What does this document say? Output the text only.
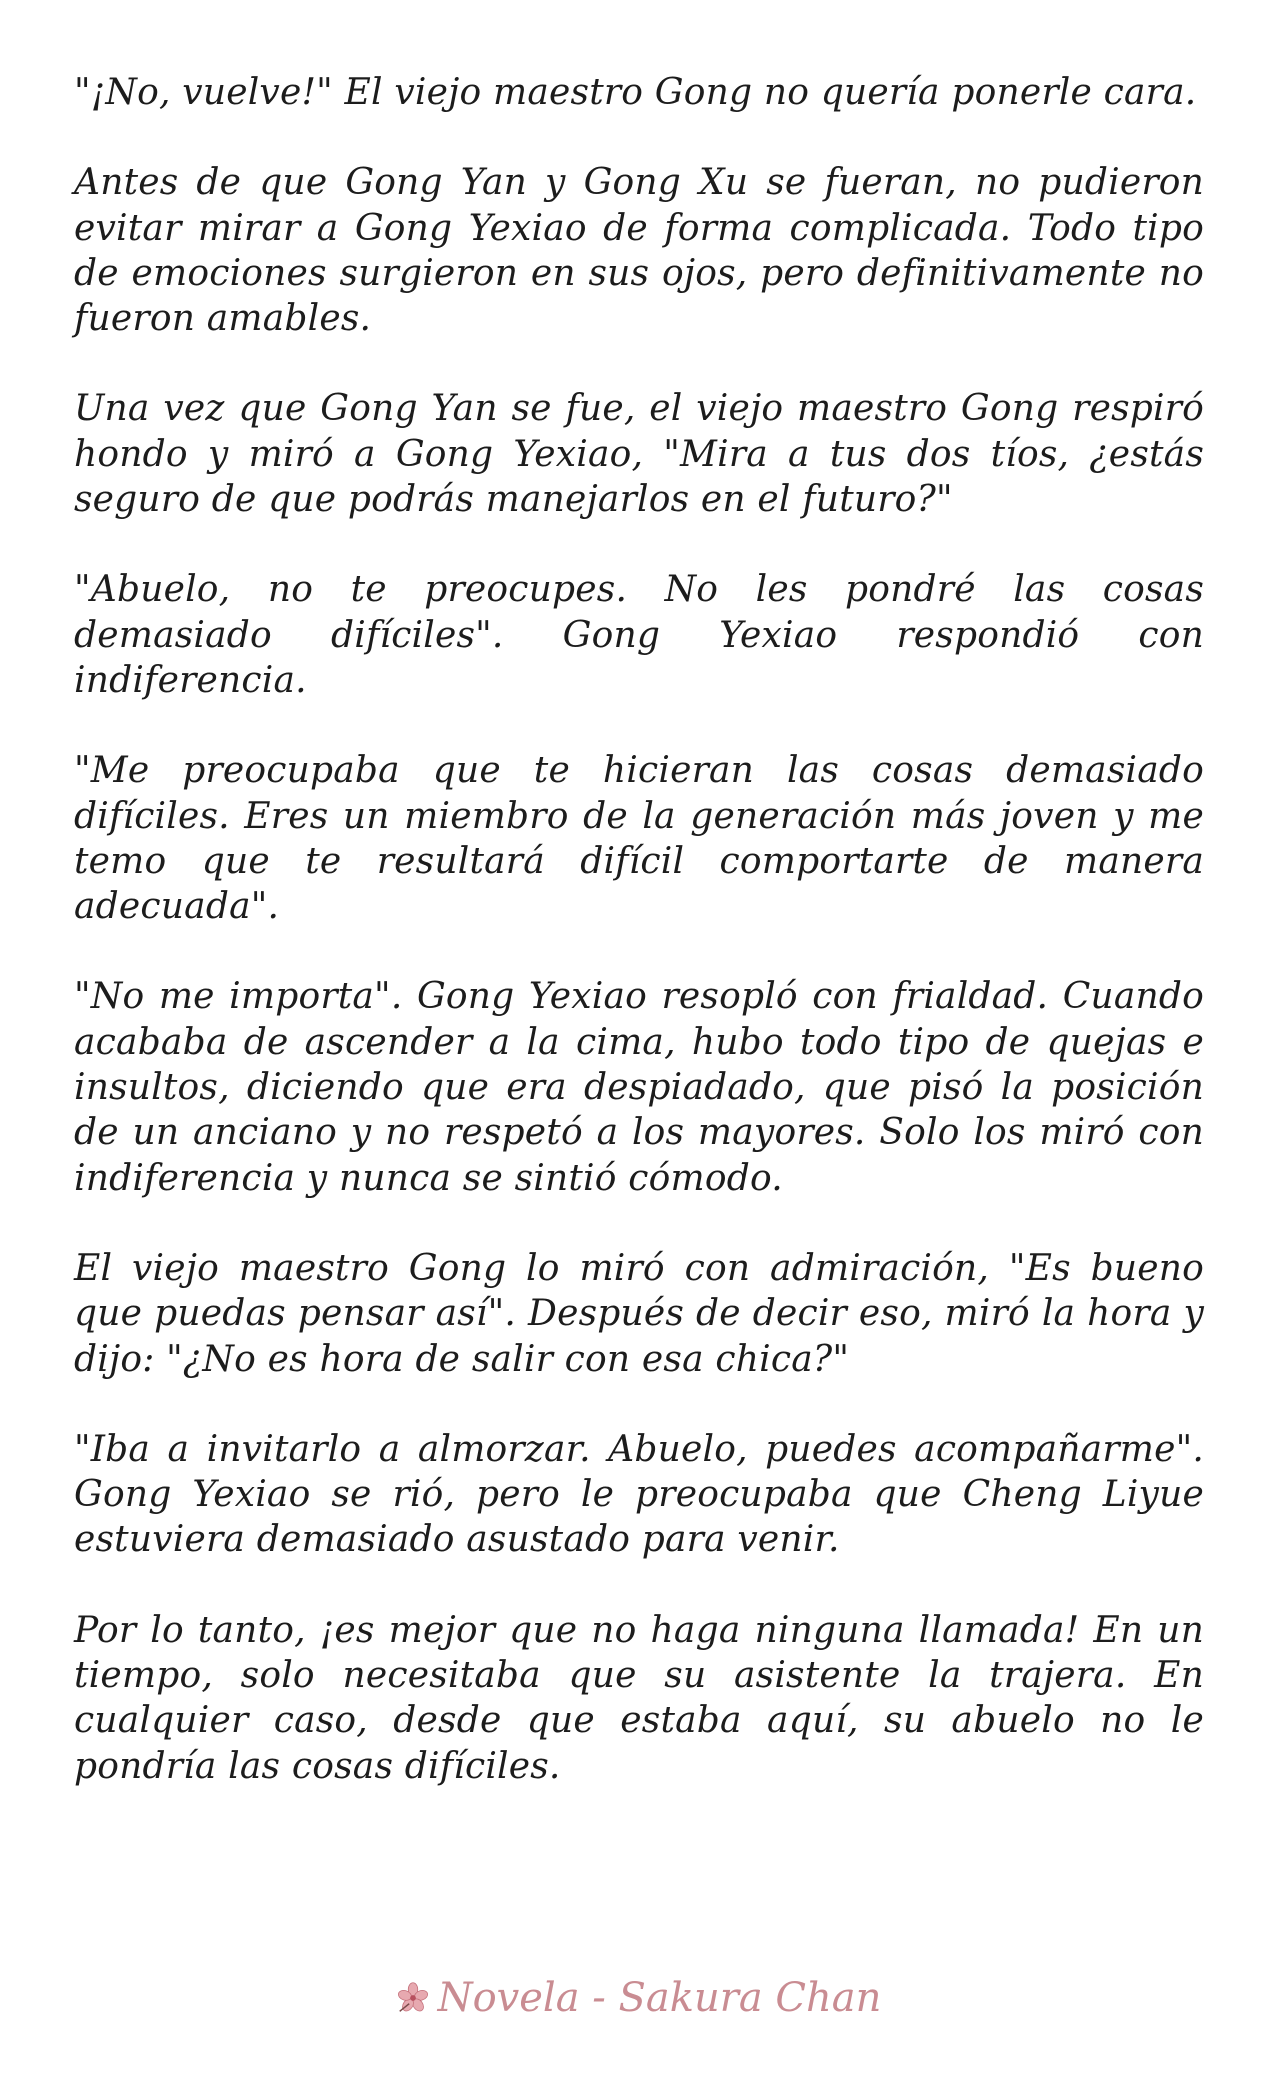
"¡No, vuelve!" El viejo maestro Gong no quería ponerle cara.

Antes de que Gong Yan y Gong Xu se fueran, no pudieron evitar mirar a Gong Yexiao de forma complicada. Todo tipo de emociones surgieron en sus ojos, pero definitivamente no fueron amables.

Una vez que Gong Yan se fue, el viejo maestro Gong respiró hondo y miró a Gong Yexiao, "Mira a tus dos tíos, ¿estás seguro de que podrás manejarlos en el futuro?"

"Abuelo, no te preocupes. No les pondré las cosas demasiado difíciles". Gong Yexiao respondió con indiferencia.

"Me preocupaba que te hicieran las cosas demasiado difíciles. Eres un miembro de la generación más joven y me temo que te resultará difícil comportarte de manera adecuada".

"No me importa". Gong Yexiao resopló con frialdad. Cuando acababa de ascender a la cima, hubo todo tipo de quejas e insultos, diciendo que era despiadado, que pisó la posición de un anciano y no respetó a los mayores. Solo los miró con indiferencia y nunca se sintió cómodo.

El viejo maestro Gong lo miró con admiración, "Es bueno que puedas pensar así". Después de decir eso, miró la hora y dijo: "¿No es hora de salir con esa chica?"

"Iba a invitarlo a almorzar. Abuelo, puedes acompañarme". Gong Yexiao se rió, pero le preocupaba que Cheng Liyue estuviera demasiado asustado para venir.

Por lo tanto, ¡es mejor que no haga ninguna llamada! En un tiempo, solo necesitaba que su asistente la trajera. En cualquier caso, desde que estaba aquí, su abuelo no le pondría las cosas difíciles.

Novela - Sakura Chan
